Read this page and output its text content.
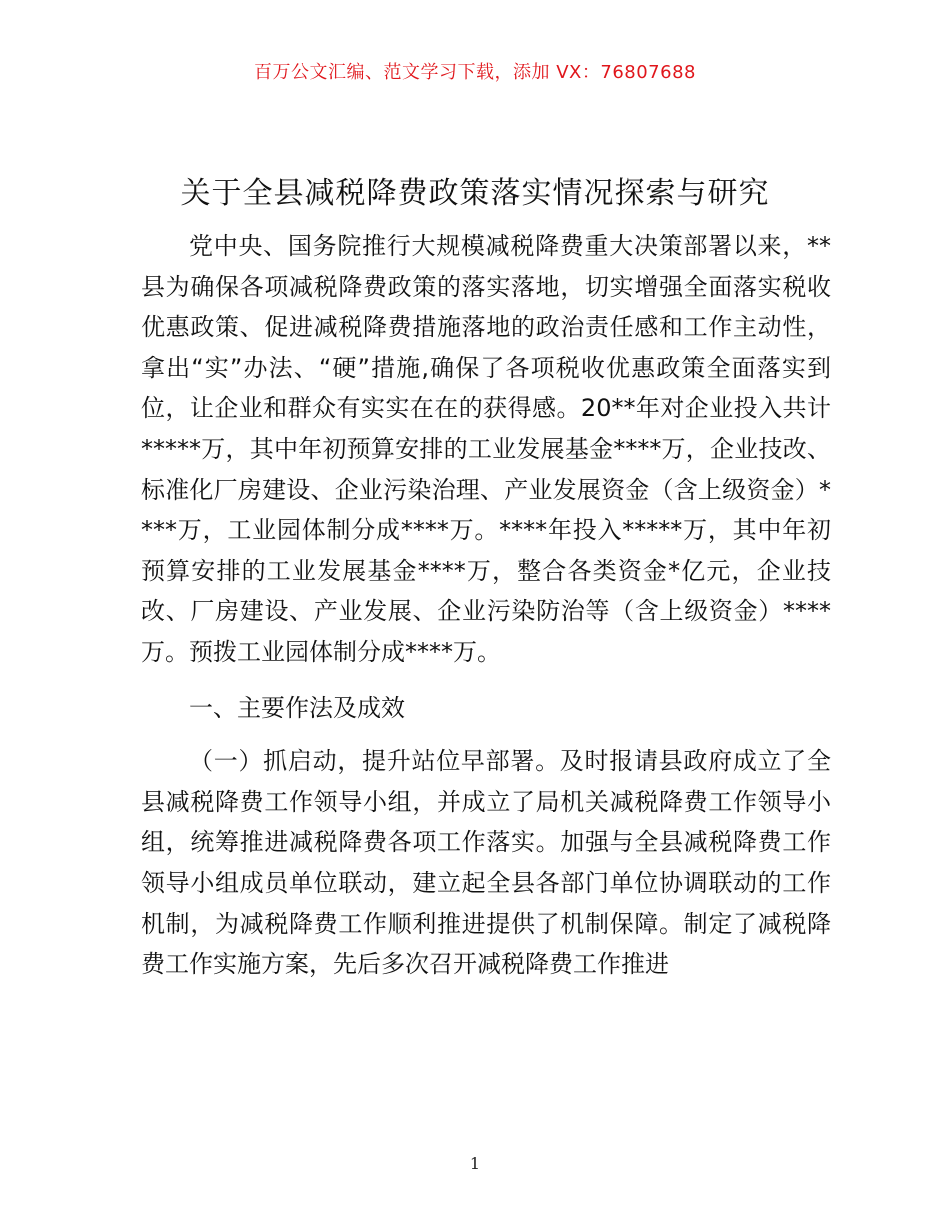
百万公文汇编、范文学习下载，添加 VX：76807688
关于全县减税降费政策落实情况探索与研究

党中央、国务院推行大规模减税降费重大决策部署以来，**县为确保各项减税降费政策的落实落地，切实增强全面落实税收优惠政策、促进减税降费措施落地的政治责任感和工作主动性，拿出“实”办法、“硬”措施,确保了各项税收优惠政策全面落实到位，让企业和群众有实实在在的获得感。20**年对企业投入共计*****万，其中年初预算安排的工业发展基金****万，企业技改、标准化厂房建设、企业污染治理、产业发展资金（含上级资金）****万，工业园体制分成****万。****年投入*****万，其中年初预算安排的工业发展基金****万，整合各类资金*亿元，企业技改、厂房建设、产业发展、企业污染防治等（含上级资金）****万。预拨工业园体制分成****万。

一、主要作法及成效

（一）抓启动，提升站位早部署。及时报请县政府成立了全县减税降费工作领导小组，并成立了局机关减税降费工作领导小组，统筹推进减税降费各项工作落实。加强与全县减税降费工作领导小组成员单位联动，建立起全县各部门单位协调联动的工作机制，为减税降费工作顺利推进提供了机制保障。制定了减税降费工作实施方案，先后多次召开减税降费工作推进

1
